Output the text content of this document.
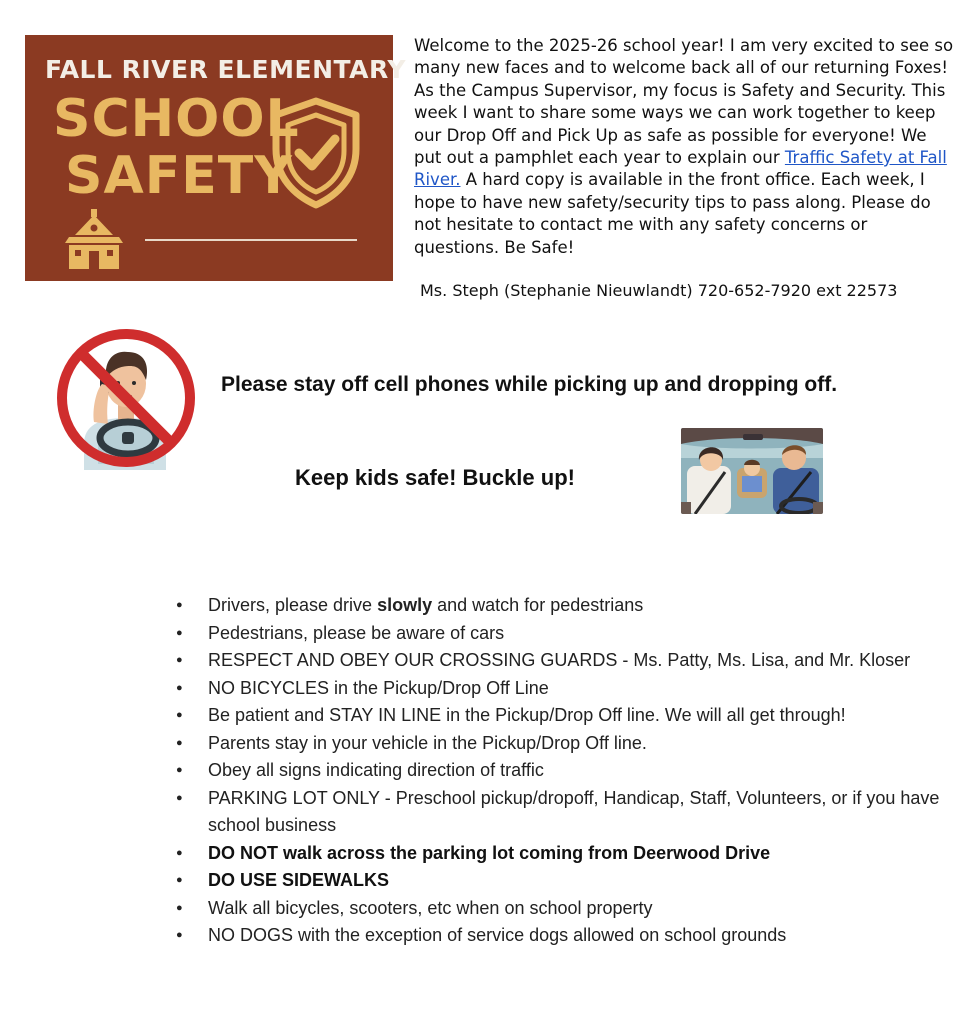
FALL RIVER ELEMENTARY
SCHOOL
SAFETY
Welcome to the 2025-26 school year! I am very excited to see so many new faces and to welcome back all of our returning Foxes! As the Campus Supervisor, my focus is Safety and Security. This week I want to share some ways we can work together to keep our Drop Off and Pick Up as safe as possible for everyone! We put out a pamphlet each year to explain our Traffic Safety at Fall River. A hard copy is available in the front office. Each week, I hope to have new safety/security tips to pass along. Please do not hesitate to contact me with any safety concerns or questions. Be Safe!
Ms. Steph (Stephanie Nieuwlandt) 720-652-7920 ext 22573
Please stay off cell phones while picking up and dropping off.
Keep kids safe! Buckle up!
● Drivers, please drive slowly and watch for pedestrians
● Pedestrians, please be aware of cars
● RESPECT AND OBEY OUR CROSSING GUARDS - Ms. Patty, Ms. Lisa, and Mr. Kloser
● NO BICYCLES in the Pickup/Drop Off Line
● Be patient and STAY IN LINE in the Pickup/Drop Off line. We will all get through!
● Parents stay in your vehicle in the Pickup/Drop Off line.
● Obey all signs indicating direction of traffic
● PARKING LOT ONLY - Preschool pickup/dropoff, Handicap, Staff, Volunteers, or if you have school business
● DO NOT walk across the parking lot coming from Deerwood Drive
● DO USE SIDEWALKS
● Walk all bicycles, scooters, etc when on school property
● NO DOGS with the exception of service dogs allowed on school grounds
